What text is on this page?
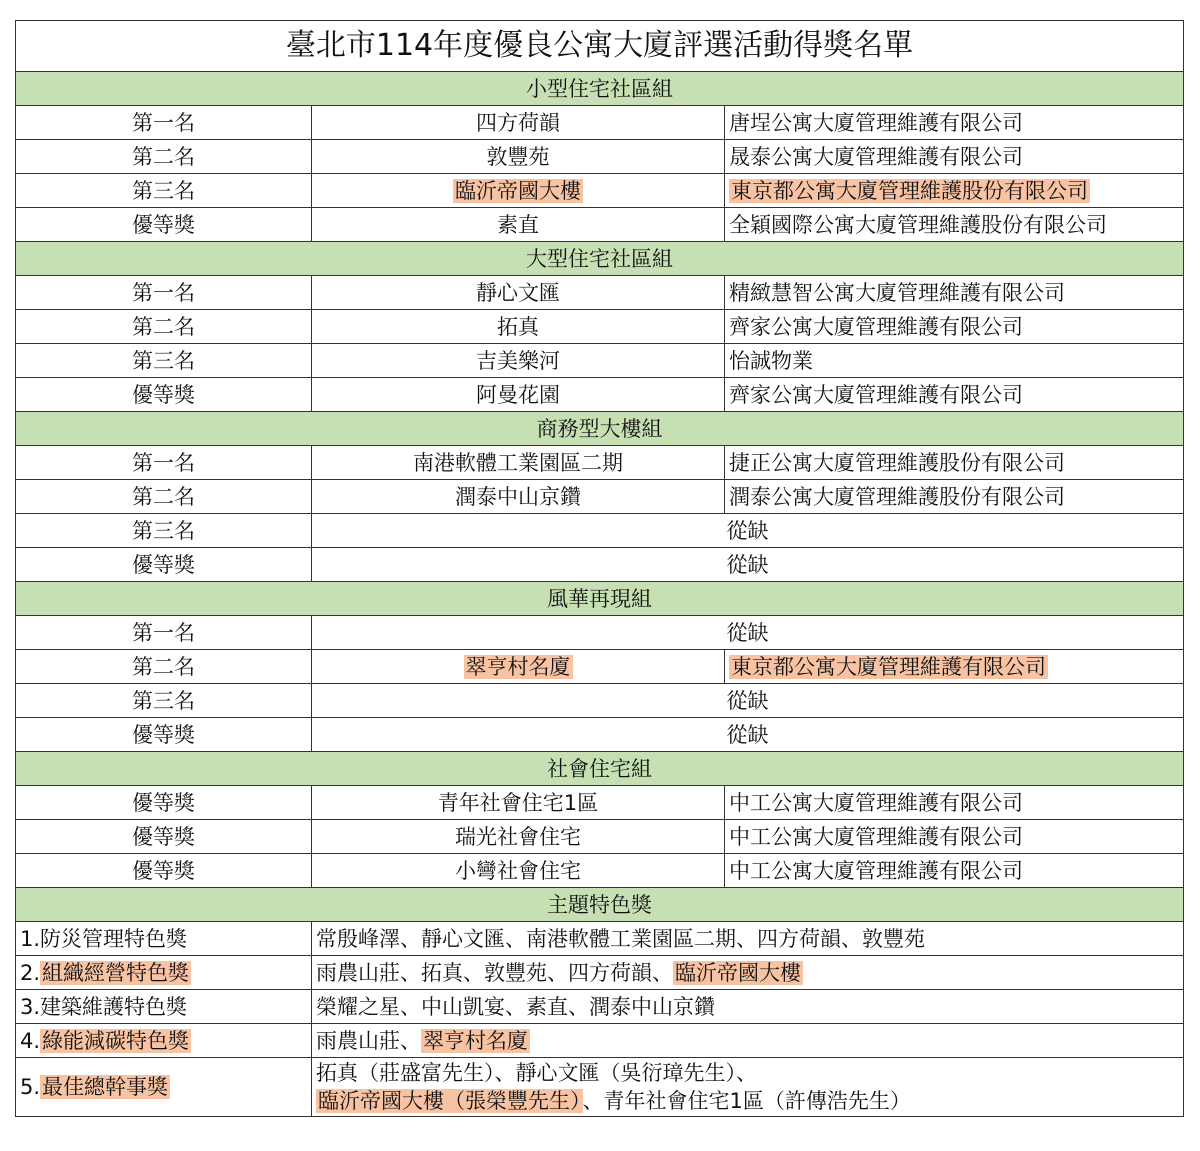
臺北市114年度優良公寓大廈評選活動得獎名單		
小型住宅社區組		
第一名	四方荷韻	唐埕公寓大廈管理維護有限公司
第二名	敦豐苑	晟泰公寓大廈管理維護有限公司
第三名	臨沂帝國大樓	東京都公寓大廈管理維護股份有限公司
優等獎	素直	全穎國際公寓大廈管理維護股份有限公司
大型住宅社區組		
第一名	靜心文匯	精緻慧智公寓大廈管理維護有限公司
第二名	拓真	齊家公寓大廈管理維護有限公司
第三名	吉美樂河	怡誠物業
優等獎	阿曼花園	齊家公寓大廈管理維護有限公司
商務型大樓組		
第一名	南港軟體工業園區二期	捷正公寓大廈管理維護股份有限公司
第二名	潤泰中山京鑽	潤泰公寓大廈管理維護股份有限公司
第三名	從缺	
優等獎	從缺	
風華再現組		
第一名	從缺	
第二名	翠亨村名廈	東京都公寓大廈管理維護有限公司
第三名	從缺	
優等獎	從缺	
社會住宅組		
優等獎	青年社會住宅1區	中工公寓大廈管理維護有限公司
優等獎	瑞光社會住宅	中工公寓大廈管理維護有限公司
優等獎	小彎社會住宅	中工公寓大廈管理維護有限公司
主題特色獎		
1.防災管理特色獎	常殷峰澤、靜心文匯、南港軟體工業園區二期、四方荷韻、敦豐苑	
2.組織經營特色獎	雨農山莊、拓真、敦豐苑、四方荷韻、臨沂帝國大樓	
3.建築維護特色獎	榮耀之星、中山凱宴、素直、潤泰中山京鑽	
4.綠能減碳特色獎	雨農山莊、翠亨村名廈	
5.最佳總幹事獎	拓真（莊盛富先生）、靜心文匯（吳衍璋先生）、
臨沂帝國大樓（張榮豐先生）、青年社會住宅1區（許傳浩先生）	
